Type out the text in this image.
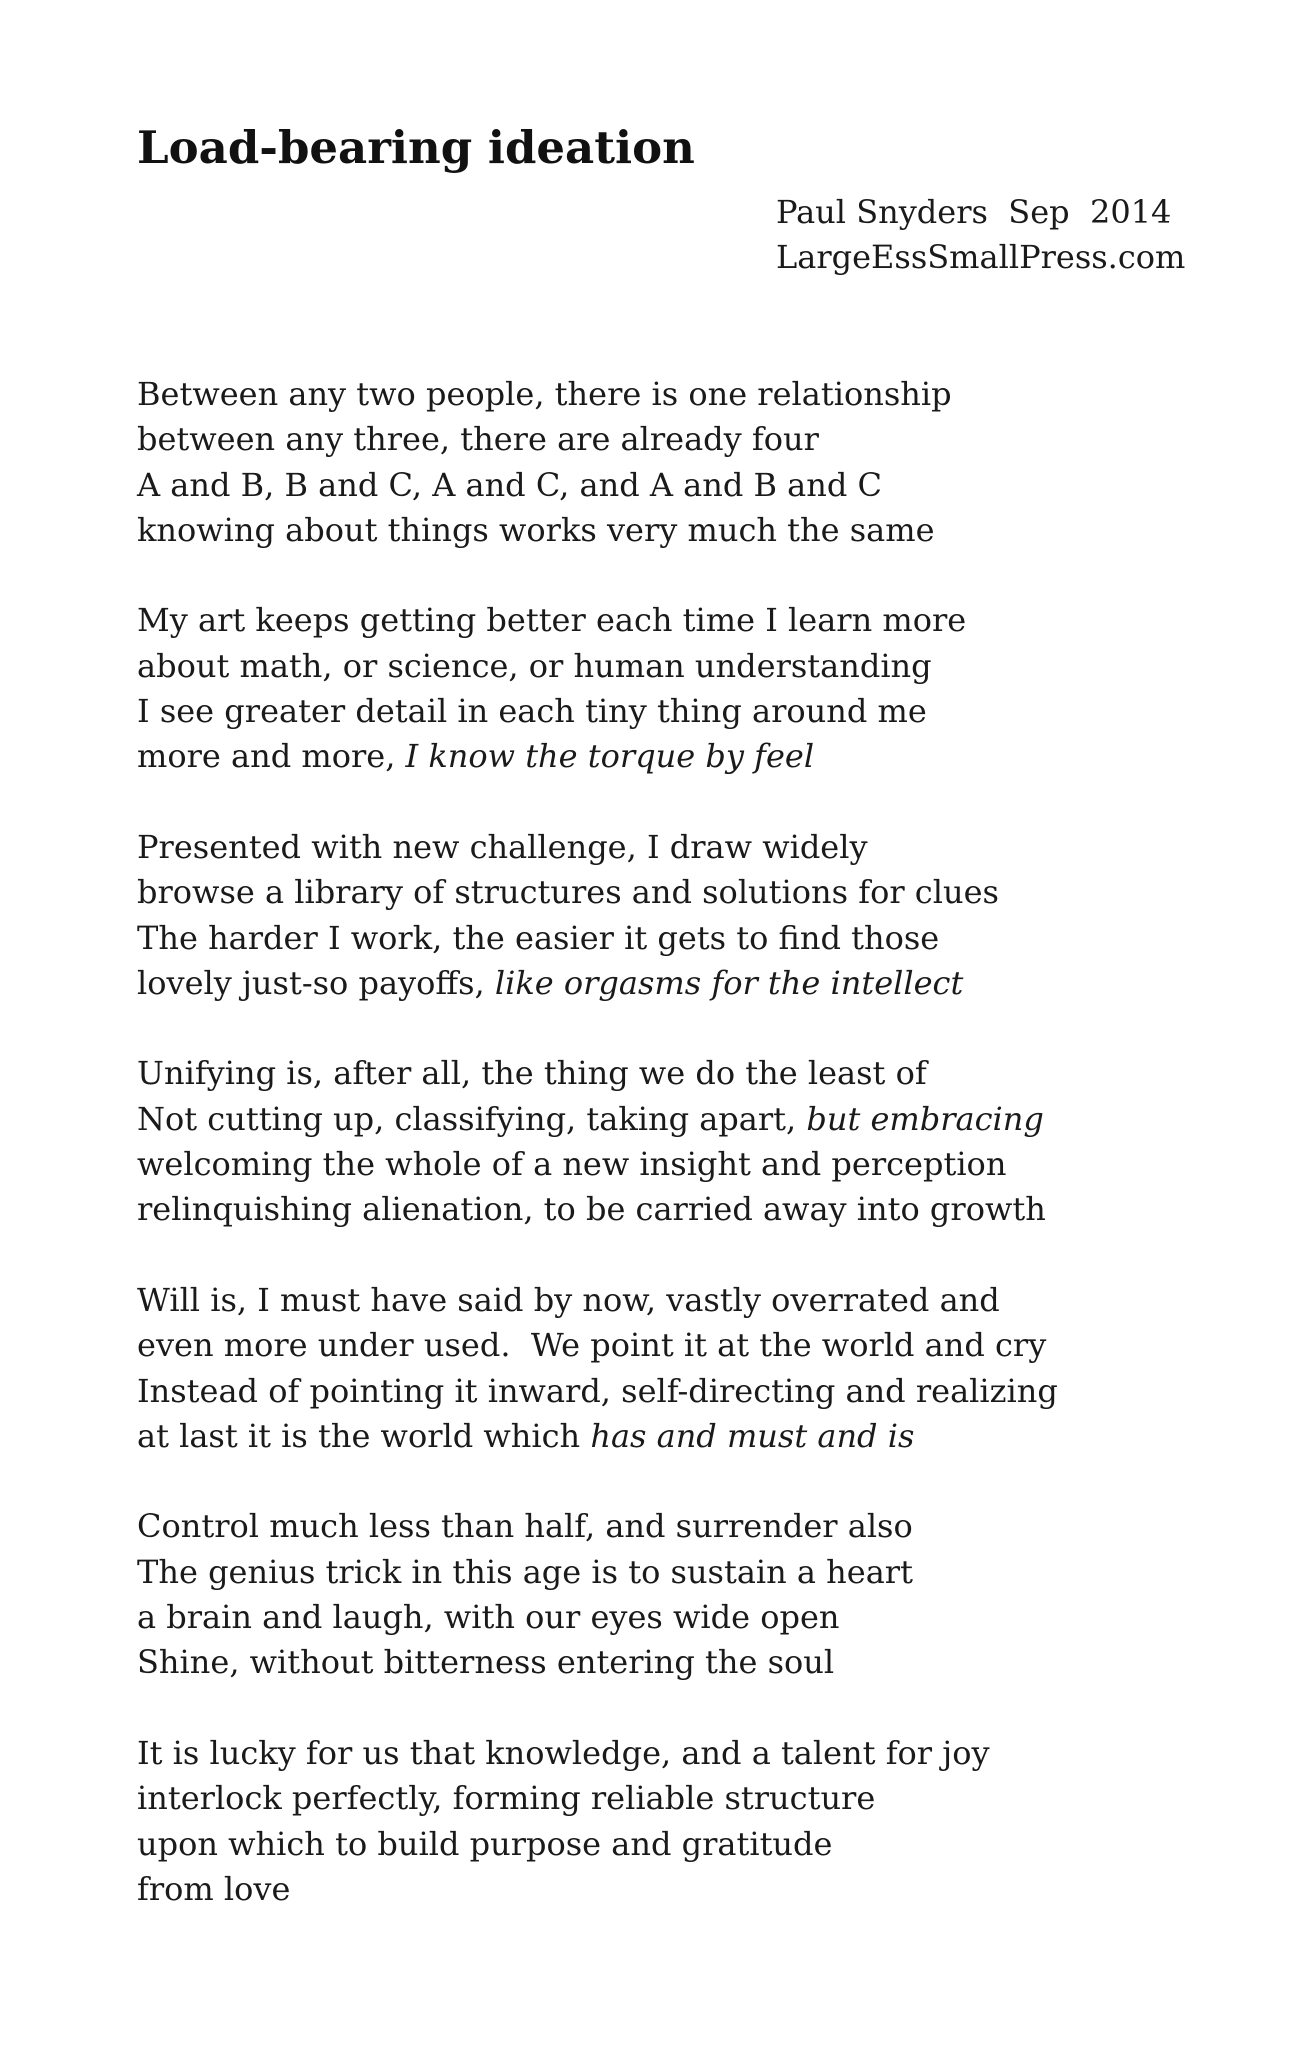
Load-bearing ideation
Paul Snyders  Sep  2014
LargeEssSmallPress.com
Between any two people, there is one relationship
between any three, there are already four
A and B, B and C, A and C, and A and B and C
knowing about things works very much the same
My art keeps getting better each time I learn more
about math, or science, or human understanding
I see greater detail in each tiny thing around me
more and more, I know the torque by feel
Presented with new challenge, I draw widely
browse a library of structures and solutions for clues
The harder I work, the easier it gets to find those
lovely just-so payoffs, like orgasms for the intellect
Unifying is, after all, the thing we do the least of
Not cutting up, classifying, taking apart, but embracing
welcoming the whole of a new insight and perception
relinquishing alienation, to be carried away into growth
Will is, I must have said by now, vastly overrated and
even more under used.  We point it at the world and cry
Instead of pointing it inward, self-directing and realizing
at last it is the world which has and must and is
Control much less than half, and surrender also
The genius trick in this age is to sustain a heart
a brain and laugh, with our eyes wide open
Shine, without bitterness entering the soul
It is lucky for us that knowledge, and a talent for joy
interlock perfectly, forming reliable structure
upon which to build purpose and gratitude
from love
